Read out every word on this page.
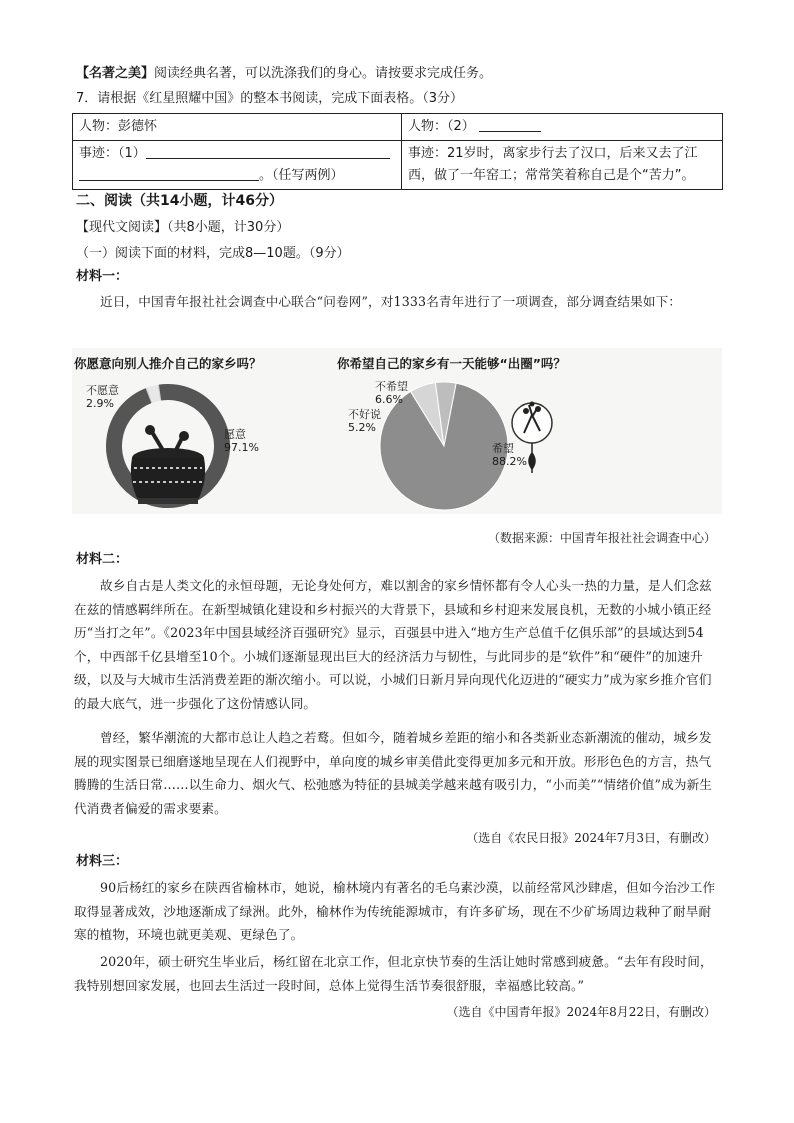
【名著之美】阅读经典名著，可以洗涤我们的身心。请按要求完成任务。
7．请根据《红星照耀中国》的整本书阅读，完成下面表格。（3分）
人物：彭德怀	人物：（2）
事迹：（1）
。（任写两例）	事迹：21岁时，离家步行去了汉口，后来又去了江
西，做了一年窑工；常常笑着称自己是个“苦力”。
二、阅读（共14小题，计46分）
【现代文阅读】（共8小题，计30分）
（一）阅读下面的材料，完成8—10题。（9分）
材料一：
近日，中国青年报社社会调查中心联合“问卷网”，对1333名青年进行了一项调查，部分调查结果如下：
你愿意向别人推介自己的家乡吗？	你希望自己的家乡有一天能够“出圈”吗？
不愿意
2.9%
愿意
97.1%
不希望
6.6%
不好说
5.2%
希望
88.2%
（数据来源：中国青年报社社会调查中心）
材料二：
故乡自古是人类文化的永恒母题，无论身处何方，难以割舍的家乡情怀都有令人心头一热的力量，是人们念兹在兹的情感羁绊所在。在新型城镇化建设和乡村振兴的大背景下，县域和乡村迎来发展良机，无数的小城小镇正经历“当打之年”。《2023年中国县域经济百强研究》显示，百强县中进入“地方生产总值千亿俱乐部”的县域达到54个，中西部千亿县增至10个。小城们逐渐显现出巨大的经济活力与韧性，与此同步的是“软件”和“硬件”的加速升级，以及与大城市生活消费差距的渐次缩小。可以说，小城们日新月异向现代化迈进的“硬实力”成为家乡推介官们的最大底气，进一步强化了这份情感认同。
曾经，繁华潮流的大都市总让人趋之若鹜。但如今，随着城乡差距的缩小和各类新业态新潮流的催动，城乡发展的现实图景已细磨遂地呈现在人们视野中，单向度的城乡审美借此变得更加多元和开放。形形色色的方言，热气腾腾的生活日常……以生命力、烟火气、松弛感为特征的县城美学越来越有吸引力，“小而美”“情绪价值”成为新生代消费者偏爱的需求要素。
（选自《农民日报》2024年7月3日，有删改）
材料三：
90后杨红的家乡在陕西省榆林市，她说，榆林境内有著名的毛乌素沙漠，以前经常风沙肆虐，但如今治沙工作取得显著成效，沙地逐渐成了绿洲。此外，榆林作为传统能源城市，有许多矿场，现在不少矿场周边栽种了耐旱耐寒的植物，环境也就更美观、更绿色了。
2020年，硕士研究生毕业后，杨红留在北京工作，但北京快节奏的生活让她时常感到疲惫。“去年有段时间，我特别想回家发展，也回去生活过一段时间，总体上觉得生活节奏很舒服，幸福感比较高。”
（选自《中国青年报》2024年8月22日，有删改）
